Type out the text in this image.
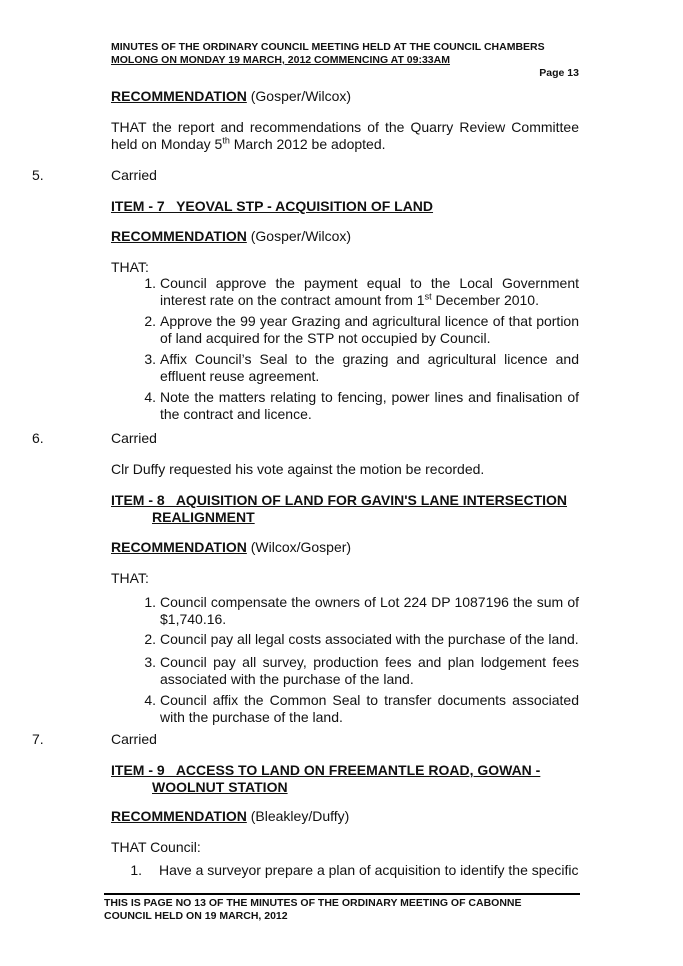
MINUTES OF THE ORDINARY COUNCIL MEETING HELD AT THE COUNCIL CHAMBERS
MOLONG ON MONDAY 19 MARCH, 2012 COMMENCING AT 09:33AM
Page 13
RECOMMENDATION (Gosper/Wilcox)
THAT the report and recommendations of the Quarry Review Committee held on Monday 5th March 2012 be adopted.
5.	Carried
ITEM - 7   YEOVAL STP - ACQUISITION OF LAND
RECOMMENDATION (Gosper/Wilcox)
THAT:
1. Council approve the payment equal to the Local Government interest rate on the contract amount from 1st December 2010.
2. Approve the 99 year Grazing and agricultural licence of that portion of land acquired for the STP not occupied by Council.
3. Affix Council’s Seal to the grazing and agricultural licence and effluent reuse agreement.
4. Note the matters relating to fencing, power lines and finalisation of the contract and licence.
6.	Carried
Clr Duffy requested his vote against the motion be recorded.
ITEM - 8   AQUISITION OF LAND FOR GAVIN'S LANE INTERSECTION
REALIGNMENT
RECOMMENDATION (Wilcox/Gosper)
THAT:
1. Council compensate the owners of Lot 224 DP 1087196 the sum of $1,740.16.
2. Council pay all legal costs associated with the purchase of the land.
3. Council pay all survey, production fees and plan lodgement fees associated with the purchase of the land.
4. Council affix the Common Seal to transfer documents associated with the purchase of the land.
7.	Carried
ITEM - 9   ACCESS TO LAND ON FREEMANTLE ROAD, GOWAN -
WOOLNUT STATION
RECOMMENDATION (Bleakley/Duffy)
THAT Council:
1. Have a surveyor prepare a plan of acquisition to identify the specific
THIS IS PAGE NO 13 OF THE MINUTES OF THE ORDINARY MEETING OF CABONNE
COUNCIL HELD ON 19 MARCH, 2012
